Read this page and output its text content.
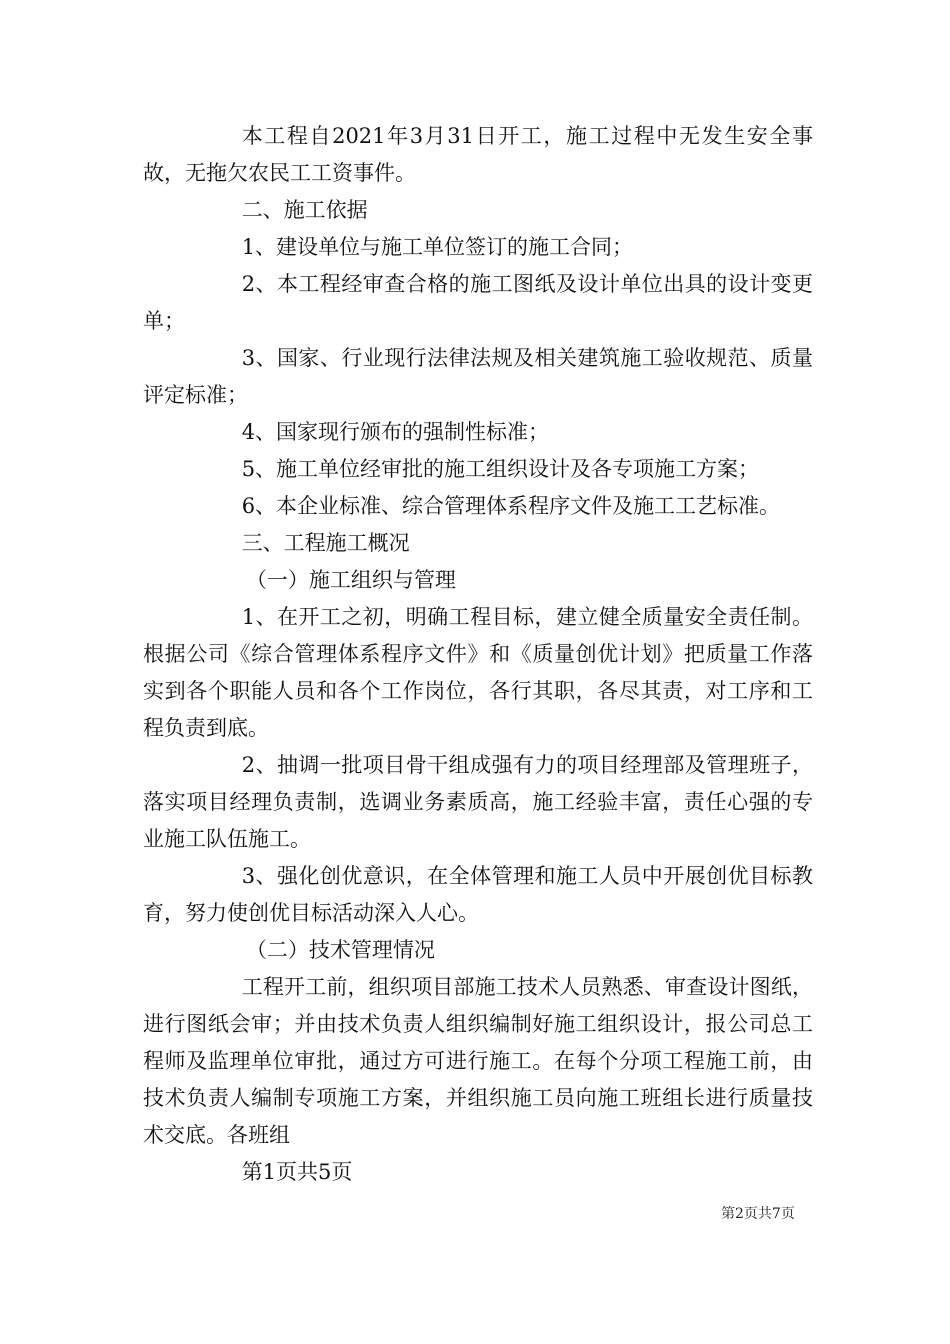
本工程自2021年3月31日开工，施工过程中无发生安全事故，无拖欠农民工工资事件。

二、施工依据

1、建设单位与施工单位签订的施工合同；

2、本工程经审查合格的施工图纸及设计单位出具的设计变更单；

3、国家、行业现行法律法规及相关建筑施工验收规范、质量评定标准；

4、国家现行颁布的强制性标准；

5、施工单位经审批的施工组织设计及各专项施工方案；

6、本企业标准、综合管理体系程序文件及施工工艺标准。

三、工程施工概况

（一）施工组织与管理

1、在开工之初，明确工程目标，建立健全质量安全责任制。根据公司《综合管理体系程序文件》和《质量创优计划》把质量工作落实到各个职能人员和各个工作岗位，各行其职，各尽其责，对工序和工程负责到底。

2、抽调一批项目骨干组成强有力的项目经理部及管理班子，落实项目经理负责制，选调业务素质高，施工经验丰富，责任心强的专业施工队伍施工。

3、强化创优意识，在全体管理和施工人员中开展创优目标教育，努力使创优目标活动深入人心。

（二）技术管理情况

工程开工前，组织项目部施工技术人员熟悉、审查设计图纸，进行图纸会审；并由技术负责人组织编制好施工组织设计，报公司总工程师及监理单位审批，通过方可进行施工。在每个分项工程施工前，由技术负责人编制专项施工方案，并组织施工员向施工班组长进行质量技术交底。各班组

第1页共5页

第2页共7页
